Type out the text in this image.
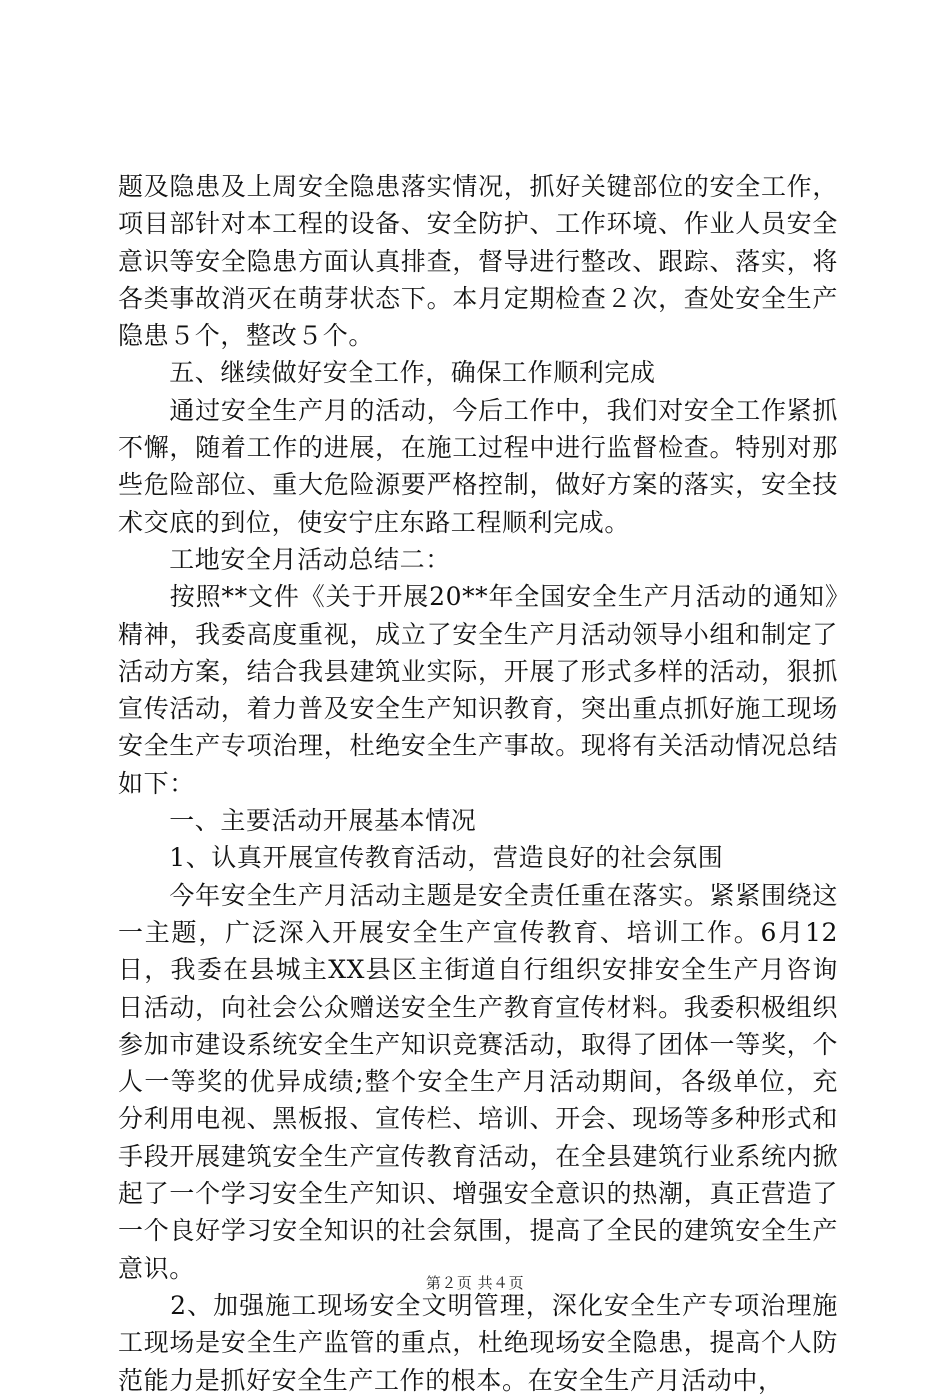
题及隐患及上周安全隐患落实情况，抓好关键部位的安全工作，项目部针对本工程的设备、安全防护、工作环境、作业人员安全意识等安全隐患方面认真排查，督导进行整改、跟踪、落实，将各类事故消灭在萌芽状态下。本月定期检查２次，查处安全生产隐患５个，整改５个。

　　五、继续做好安全工作，确保工作顺利完成

　　通过安全生产月的活动，今后工作中，我们对安全工作紧抓不懈，随着工作的进展，在施工过程中进行监督检查。特别对那些危险部位、重大危险源要严格控制，做好方案的落实，安全技术交底的到位，使安宁庄东路工程顺利完成。

　　工地安全月活动总结二：

　　按照**文件《关于开展20**年全国安全生产月活动的通知》精神，我委高度重视，成立了安全生产月活动领导小组和制定了活动方案，结合我县建筑业实际，开展了形式多样的活动，狠抓宣传活动，着力普及安全生产知识教育，突出重点抓好施工现场安全生产专项治理，杜绝安全生产事故。现将有关活动情况总结如下：

　　一、主要活动开展基本情况

　　1、认真开展宣传教育活动，营造良好的社会氛围

　　今年安全生产月活动主题是安全责任重在落实。紧紧围绕这一主题，广泛深入开展安全生产宣传教育、培训工作。6月12日，我委在县城主XX县区主街道自行组织安排安全生产月咨询日活动，向社会公众赠送安全生产教育宣传材料。我委积极组织参加市建设系统安全生产知识竞赛活动，取得了团体一等奖，个人一等奖的优异成绩;整个安全生产月活动期间，各级单位，充分利用电视、黑板报、宣传栏、培训、开会、现场等多种形式和手段开展建筑安全生产宣传教育活动，在全县建筑行业系统内掀起了一个学习安全生产知识、增强安全意识的热潮，真正营造了一个良好学习安全知识的社会氛围，提高了全民的建筑安全生产意识。

　　2、加强施工现场安全文明管理，深化安全生产专项治理施工现场是安全生产监管的重点，杜绝现场安全隐患，提高个人防范能力是抓好安全生产工作的根本。在安全生产月活动中，

第２页 共４页
